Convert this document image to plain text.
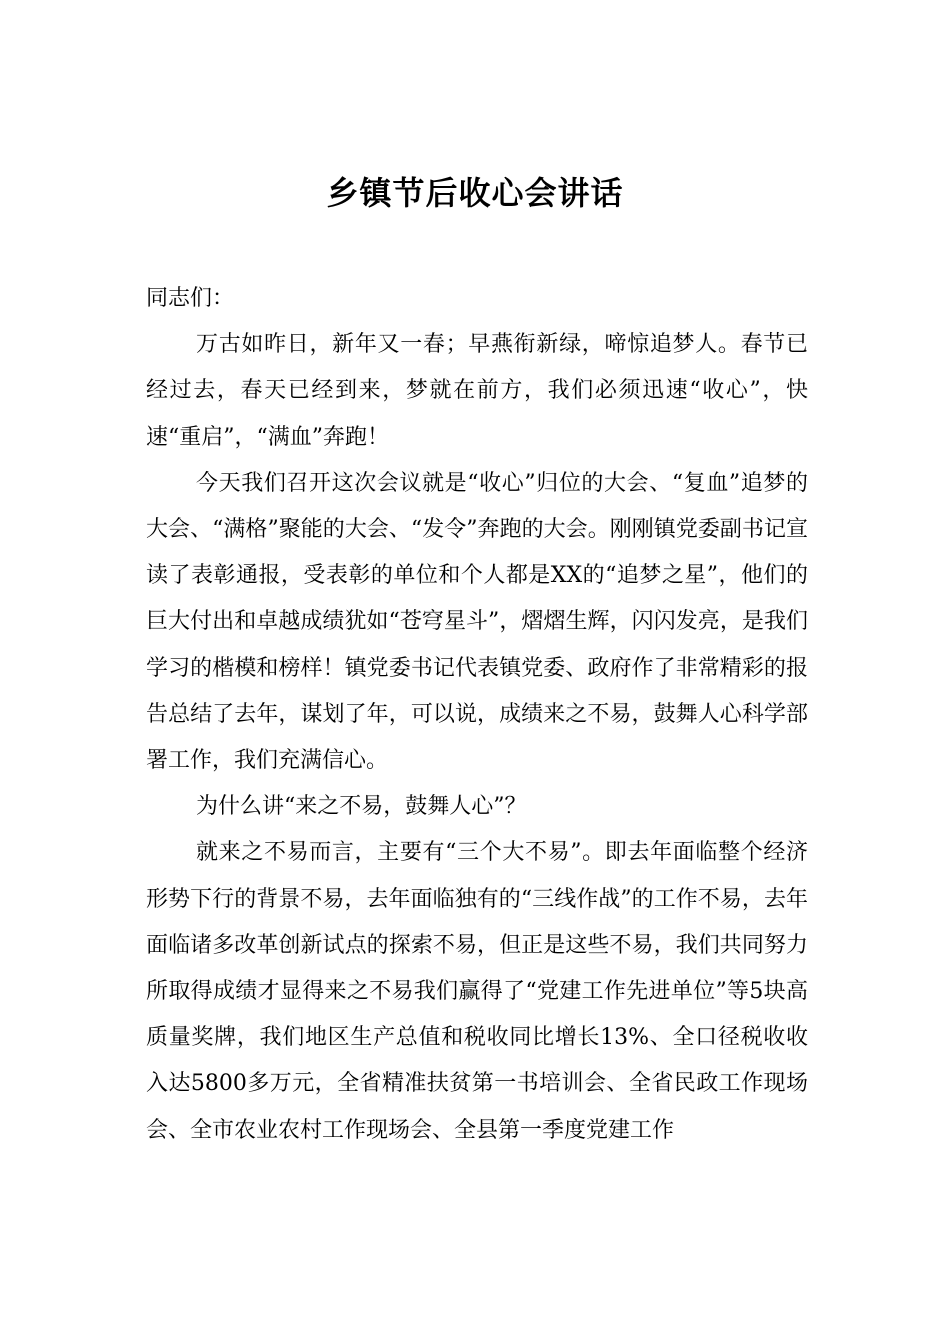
乡镇节后收心会讲话

同志们：

万古如昨日，新年又一春；早燕衔新绿，啼惊追梦人。春节已经过去，春天已经到来，梦就在前方，我们必须迅速“收心”，快速“重启”，“满血”奔跑！

今天我们召开这次会议就是“收心”归位的大会、“复血”追梦的大会、“满格”聚能的大会、“发令”奔跑的大会。刚刚镇党委副书记宣读了表彰通报，受表彰的单位和个人都是XX的“追梦之星”，他们的巨大付出和卓越成绩犹如“苍穹星斗”，熠熠生辉，闪闪发亮，是我们学习的楷模和榜样！镇党委书记代表镇党委、政府作了非常精彩的报告总结了去年，谋划了年，可以说，成绩来之不易，鼓舞人心科学部署工作，我们充满信心。

为什么讲“来之不易，鼓舞人心”？

就来之不易而言，主要有“三个大不易”。即去年面临整个经济形势下行的背景不易，去年面临独有的“三线作战”的工作不易，去年面临诸多改革创新试点的探索不易，但正是这些不易，我们共同努力所取得成绩才显得来之不易我们赢得了“党建工作先进单位”等5块高质量奖牌，我们地区生产总值和税收同比增长13%、全口径税收收入达5800多万元，全省精准扶贫第一书培训会、全省民政工作现场会、全市农业农村工作现场会、全县第一季度党建工作
